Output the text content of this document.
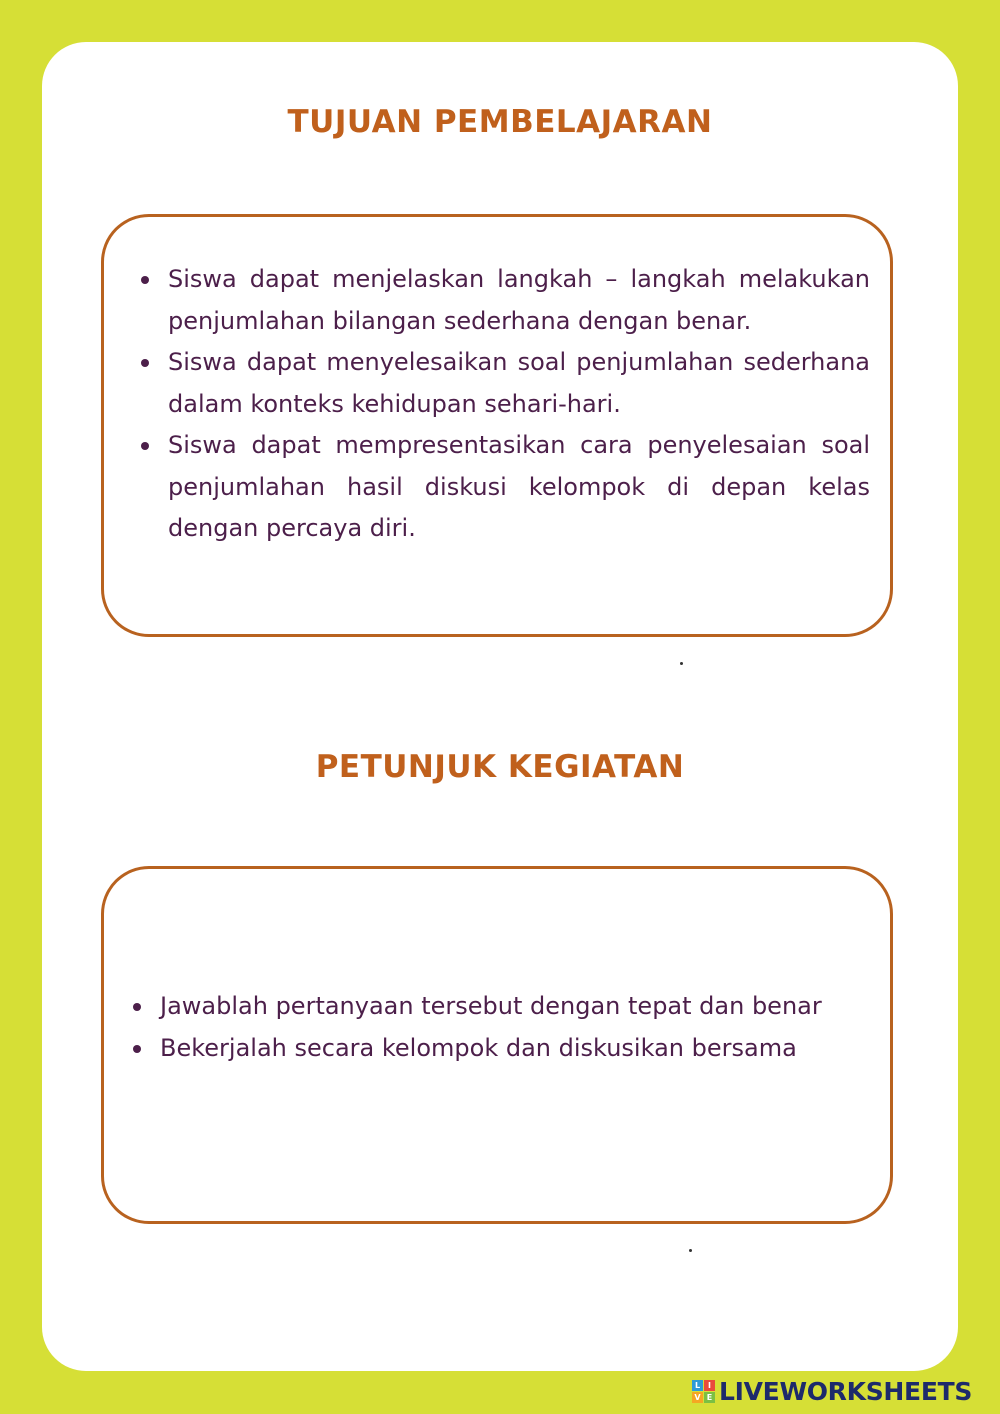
TUJUAN PEMBELAJARAN
Siswa dapat menjelaskan langkah – langkah melakukan penjumlahan bilangan sederhana dengan benar.
Siswa dapat menyelesaikan soal penjumlahan sederhana dalam konteks kehidupan sehari-hari.
Siswa dapat mempresentasikan cara penyelesaian soal penjumlahan hasil diskusi kelompok di depan kelas dengan percaya diri.
PETUNJUK KEGIATAN
Jawablah pertanyaan tersebut dengan tepat dan benar
Bekerjalah secara kelompok dan diskusikan bersama
L I
V E LIVEWORKSHEETS
